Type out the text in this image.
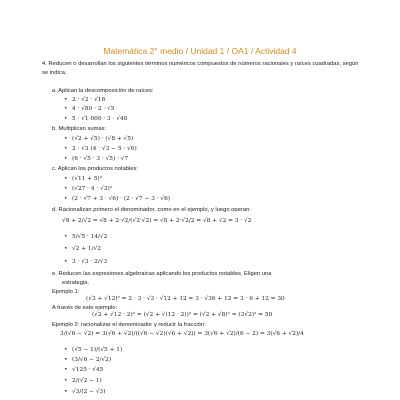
Matemática 2° medio / Unidad 1 / OA1 / Actividad 4
4. Reducen o desarrollan los siguientes términos numéricos compuestos de números racionales y raíces cuadradas, según se indica.
a. Aplican la descomposición de raíces:
• 2 · √2 · √18
• 4 · √80 · 2 · √5
• 5 · √1 000 · 3 · √40
b. Multiplican sumas:
• (√2 + √5) · (√8 + √5)
• 2 · √3 (4 · √3 − 5 · √6)
• (6 · √5 · 3 · √5) · √7
c. Aplican los productos notables:
• (√11 + 5)²
• (√27 · 4 · √3)²
• (2 · √7 + 3 · √6) · (2 · √7 − 3 · √6)
d. Racionalizan primero el denominador, como en el ejemplo, y luego operan:
√8 + 2/√2 = √8 + 2·√2/(√2·√2) = √8 + 2·√2/2 = √8 + √2 = 3 · √2
• 5/√5 · 14/√2
• √2 + 1/√2
• 3 · √3 · 2/√3
e. Reducen las expresiones algebraicas aplicando los productos notables. Eligen una
estrategia.
Ejemplo 1:
(√3 + √12)² = 2 · 3 · √3 · √12 + 12 = 3 · √36 + 12 = 3 · 6 + 12 = 30
A través de este ejemplo:
(√2 + √12 · 2)² = (√2 + √(12 · 2))² = (√2 + √8)² = (3√2)² = 50
Ejemplo 2: racionalizar el denominador y reducir la fracción:
3/(√6 − √2) = 3(√6 + √2)/((√6 − √2)(√6 + √2)) = 3(√6 + √2)/(6 − 2) = 3(√6 + √2)/4
• (√5 − 1)/(√5 + 1)
• (3/√6 − 2/√2)
• √125 · √45
• 2/(√2 − 1)
• √3/(2 − √3)
